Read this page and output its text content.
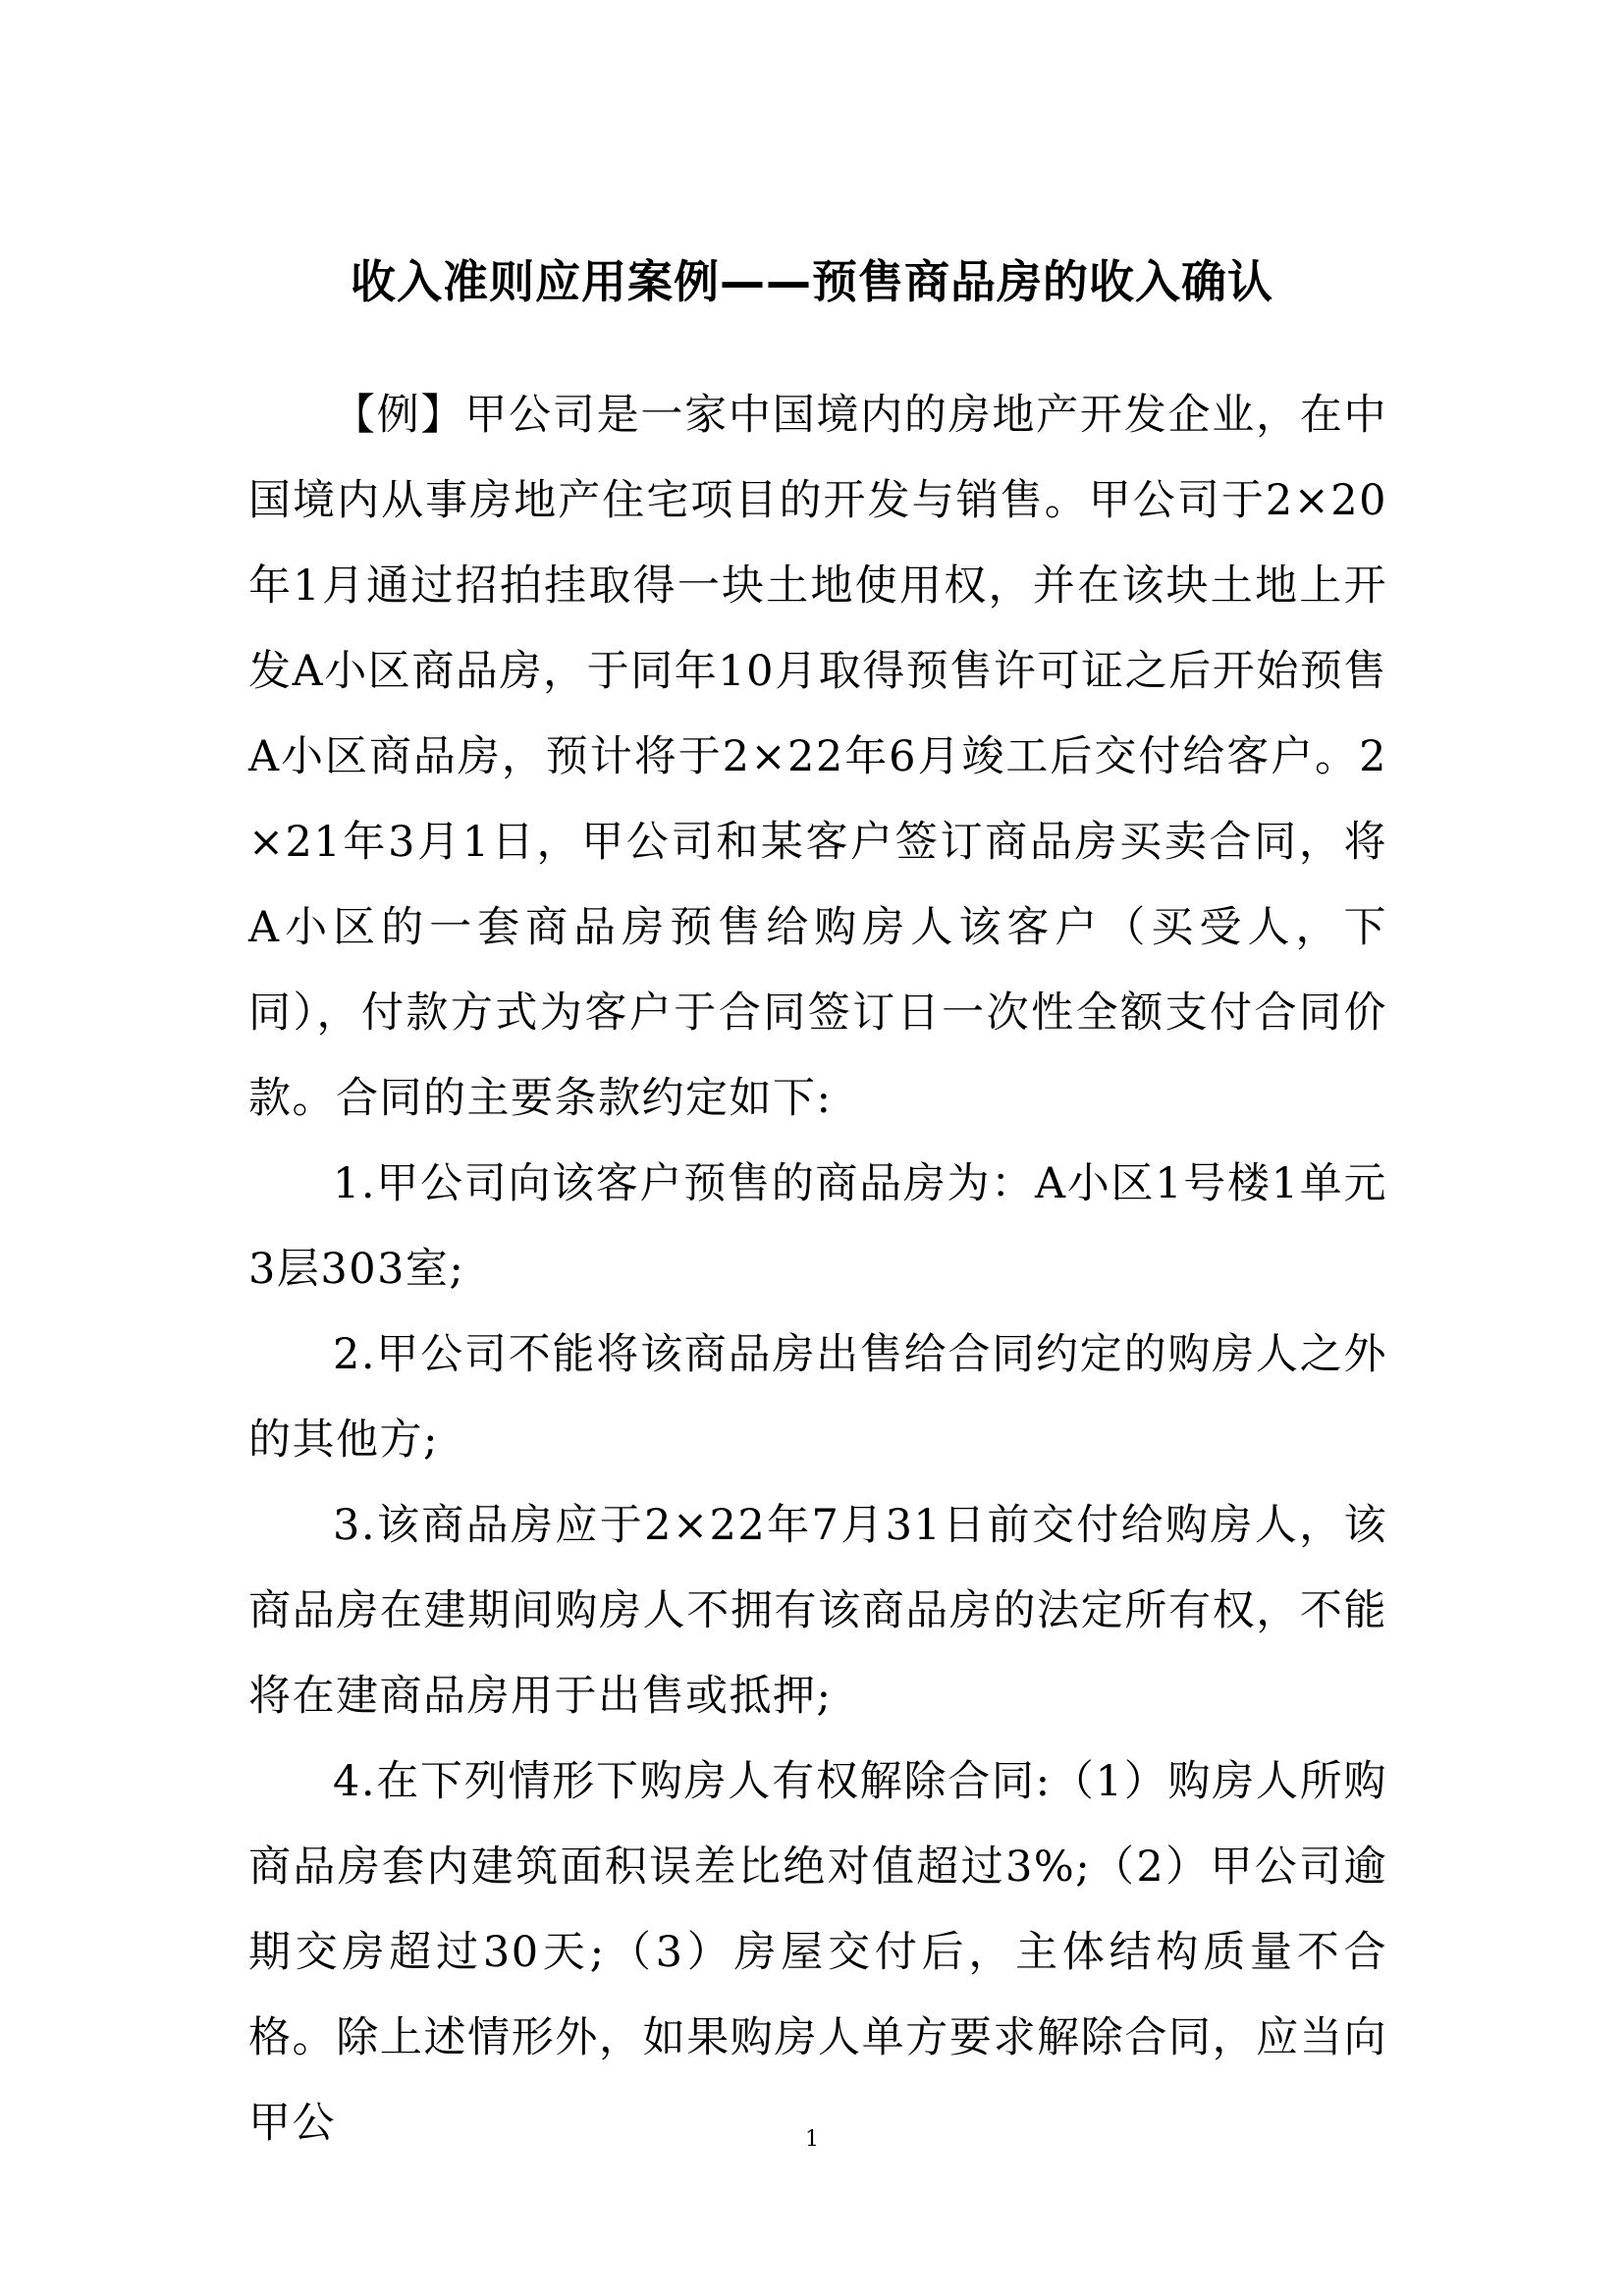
收入准则应用案例——预售商品房的收入确认

【例】甲公司是一家中国境内的房地产开发企业，在中国境内从事房地产住宅项目的开发与销售。甲公司于2×20年1月通过招拍挂取得一块土地使用权，并在该块土地上开发A小区商品房，于同年10月取得预售许可证之后开始预售A小区商品房，预计将于2×22年6月竣工后交付给客户。2×21年3月1日，甲公司和某客户签订商品房买卖合同，将A小区的一套商品房预售给购房人该客户（买受人，下同），付款方式为客户于合同签订日一次性全额支付合同价款。合同的主要条款约定如下:

1.甲公司向该客户预售的商品房为：A小区1号楼1单元3层303室;

2.甲公司不能将该商品房出售给合同约定的购房人之外的其他方;

3.该商品房应于2×22年7月31日前交付给购房人，该商品房在建期间购房人不拥有该商品房的法定所有权，不能将在建商品房用于出售或抵押;

4.在下列情形下购房人有权解除合同:（1）购房人所购商品房套内建筑面积误差比绝对值超过3%;（2）甲公司逾期交房超过30天;（3）房屋交付后，主体结构质量不合格。除上述情形外，如果购房人单方要求解除合同，应当向甲公	1
